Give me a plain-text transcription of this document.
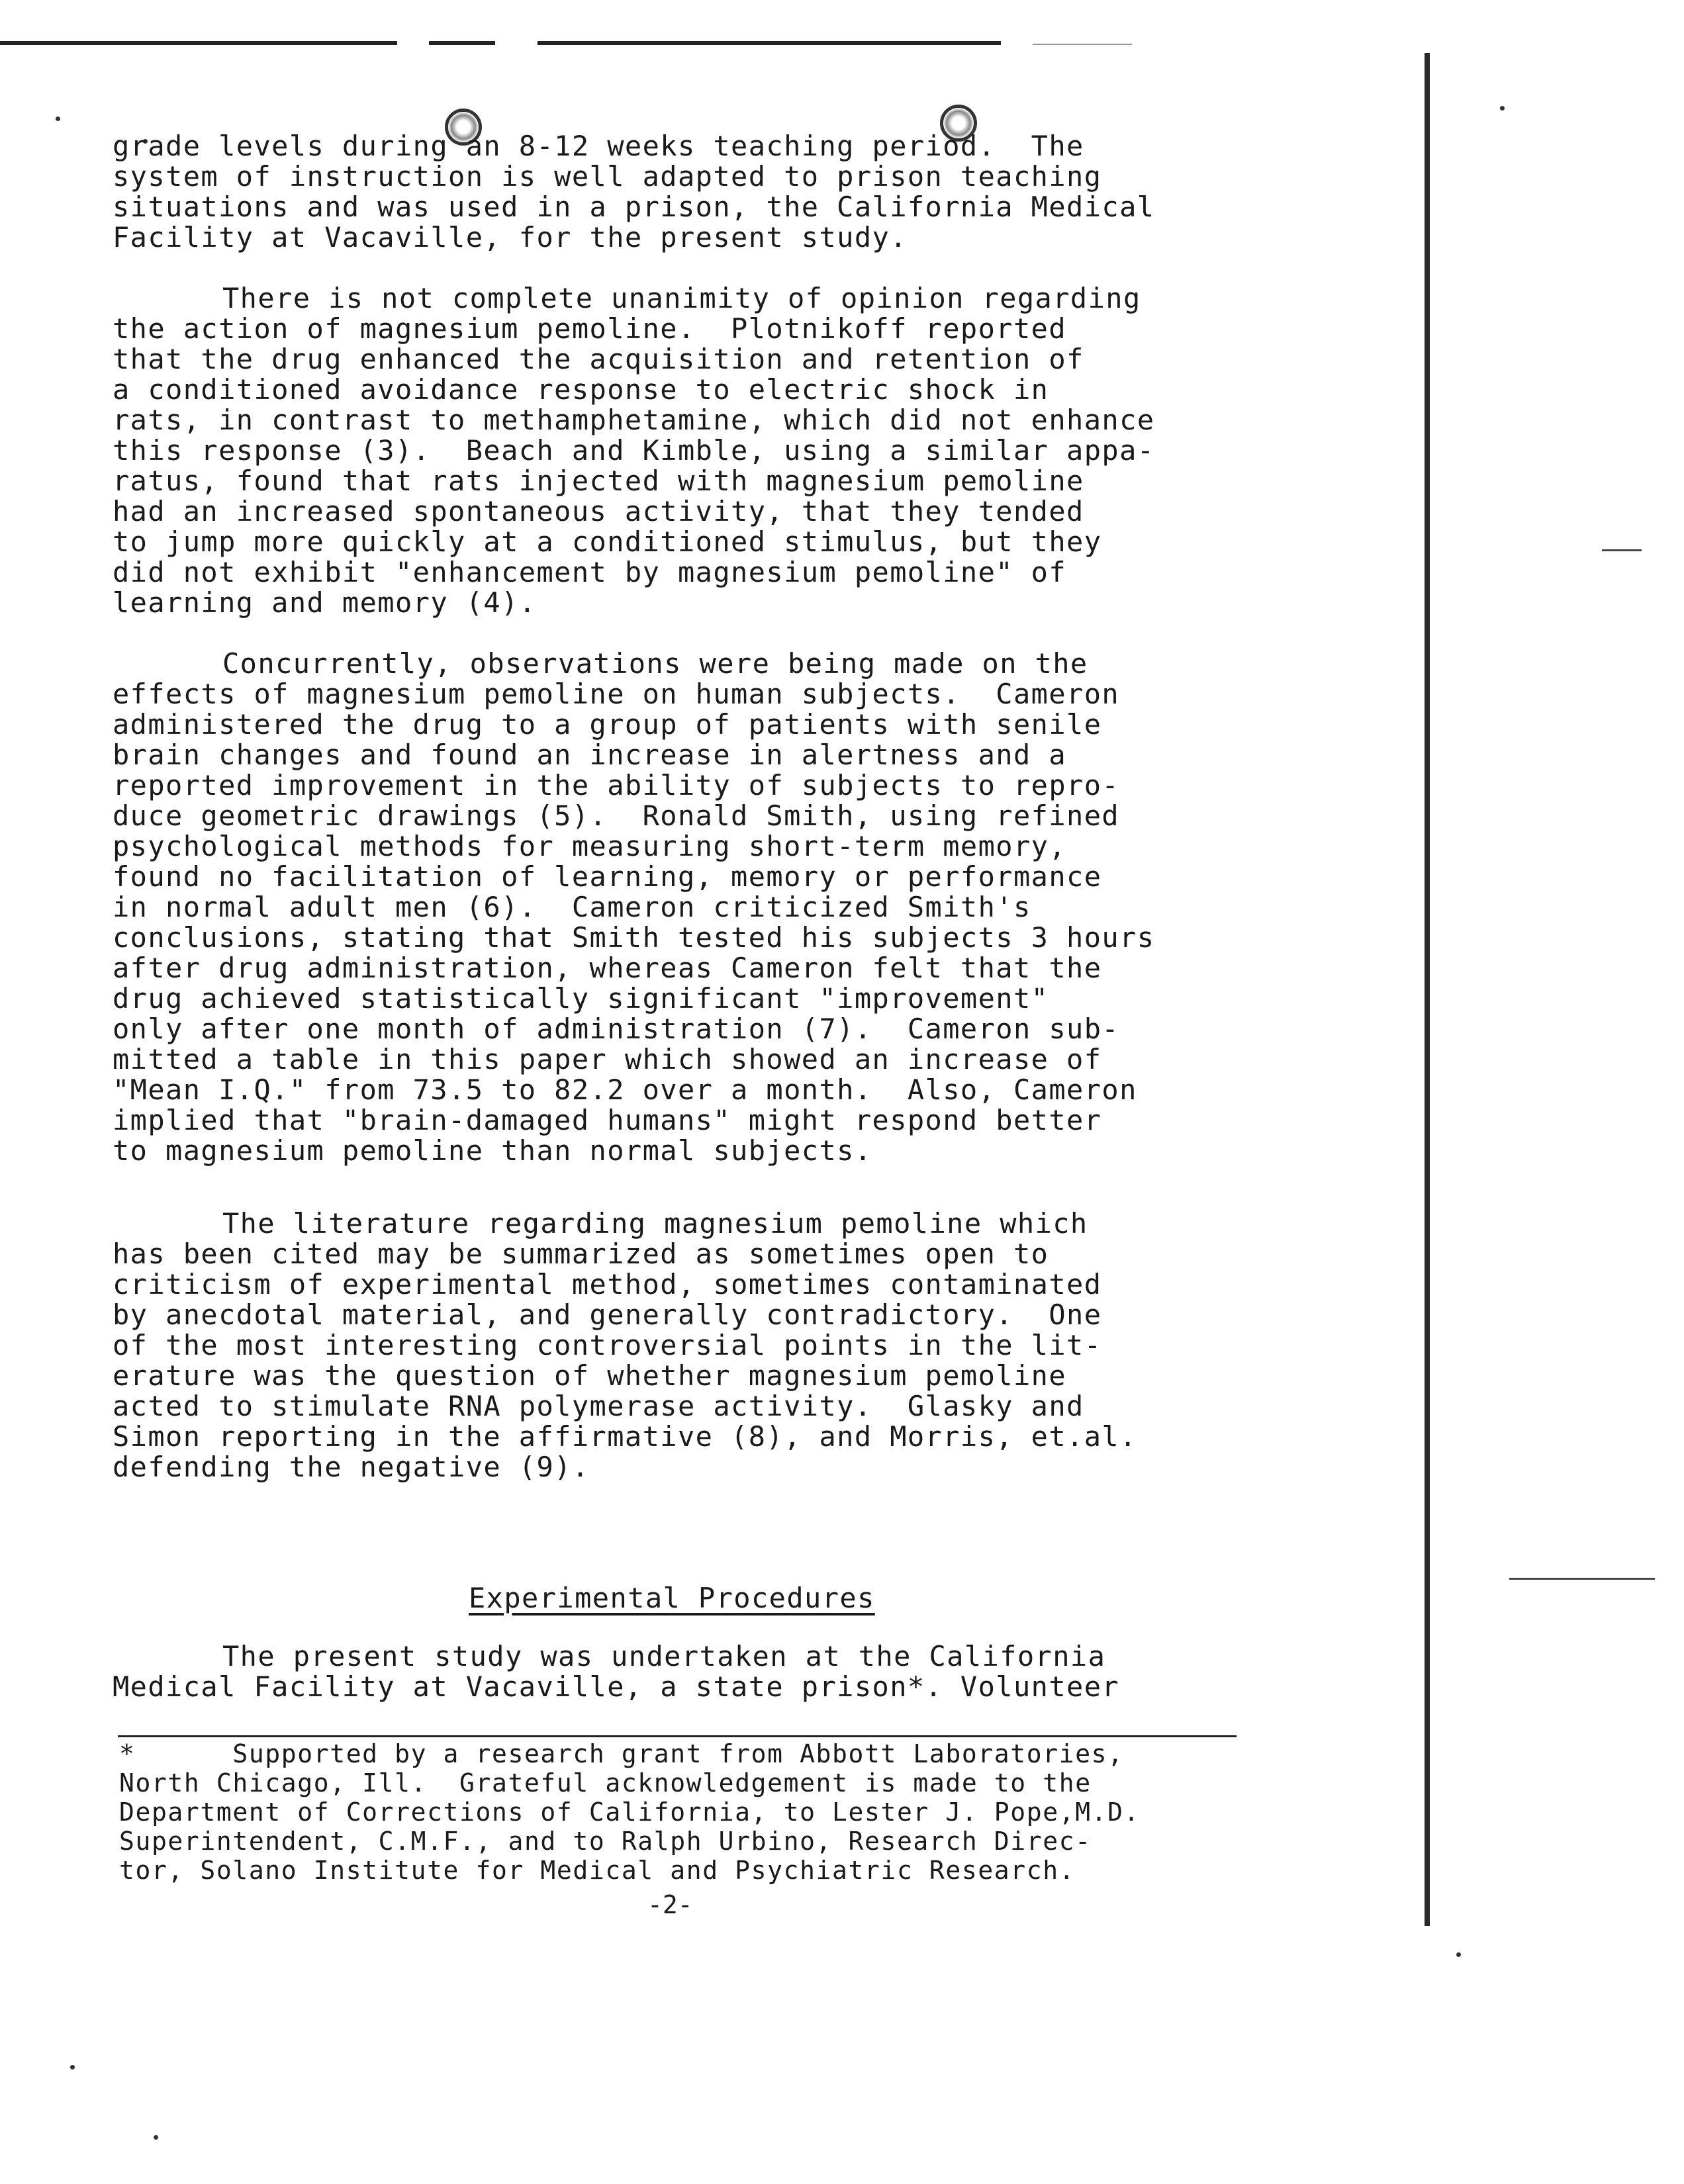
grade levels during an 8-12 weeks teaching period.  The
system of instruction is well adapted to prison teaching
situations and was used in a prison, the California Medical
Facility at Vacaville, for the present study.
There is not complete unanimity of opinion regarding
the action of magnesium pemoline.  Plotnikoff reported
that the drug enhanced the acquisition and retention of
a conditioned avoidance response to electric shock in
rats, in contrast to methamphetamine, which did not enhance
this response (3).  Beach and Kimble, using a similar appa-
ratus, found that rats injected with magnesium pemoline
had an increased spontaneous activity, that they tended
to jump more quickly at a conditioned stimulus, but they
did not exhibit "enhancement by magnesium pemoline" of
learning and memory (4).
Concurrently, observations were being made on the
effects of magnesium pemoline on human subjects.  Cameron
administered the drug to a group of patients with senile
brain changes and found an increase in alertness and a
reported improvement in the ability of subjects to repro-
duce geometric drawings (5).  Ronald Smith, using refined
psychological methods for measuring short-term memory,
found no facilitation of learning, memory or performance
in normal adult men (6).  Cameron criticized Smith's
conclusions, stating that Smith tested his subjects 3 hours
after drug administration, whereas Cameron felt that the
drug achieved statistically significant "improvement"
only after one month of administration (7).  Cameron sub-
mitted a table in this paper which showed an increase of
"Mean I.Q." from 73.5 to 82.2 over a month.  Also, Cameron
implied that "brain-damaged humans" might respond better
to magnesium pemoline than normal subjects.
The literature regarding magnesium pemoline which
has been cited may be summarized as sometimes open to
criticism of experimental method, sometimes contaminated
by anecdotal material, and generally contradictory.  One
of the most interesting controversial points in the lit-
erature was the question of whether magnesium pemoline
acted to stimulate RNA polymerase activity.  Glasky and
Simon reporting in the affirmative (8), and Morris, et.al.
defending the negative (9).
Experimental Procedures
The present study was undertaken at the California
Medical Facility at Vacaville, a state prison*. Volunteer
*      Supported by a research grant from Abbott Laboratories,
North Chicago, Ill.  Grateful acknowledgement is made to the
Department of Corrections of California, to Lester J. Pope,M.D.
Superintendent, C.M.F., and to Ralph Urbino, Research Direc-
tor, Solano Institute for Medical and Psychiatric Research.
-2-
